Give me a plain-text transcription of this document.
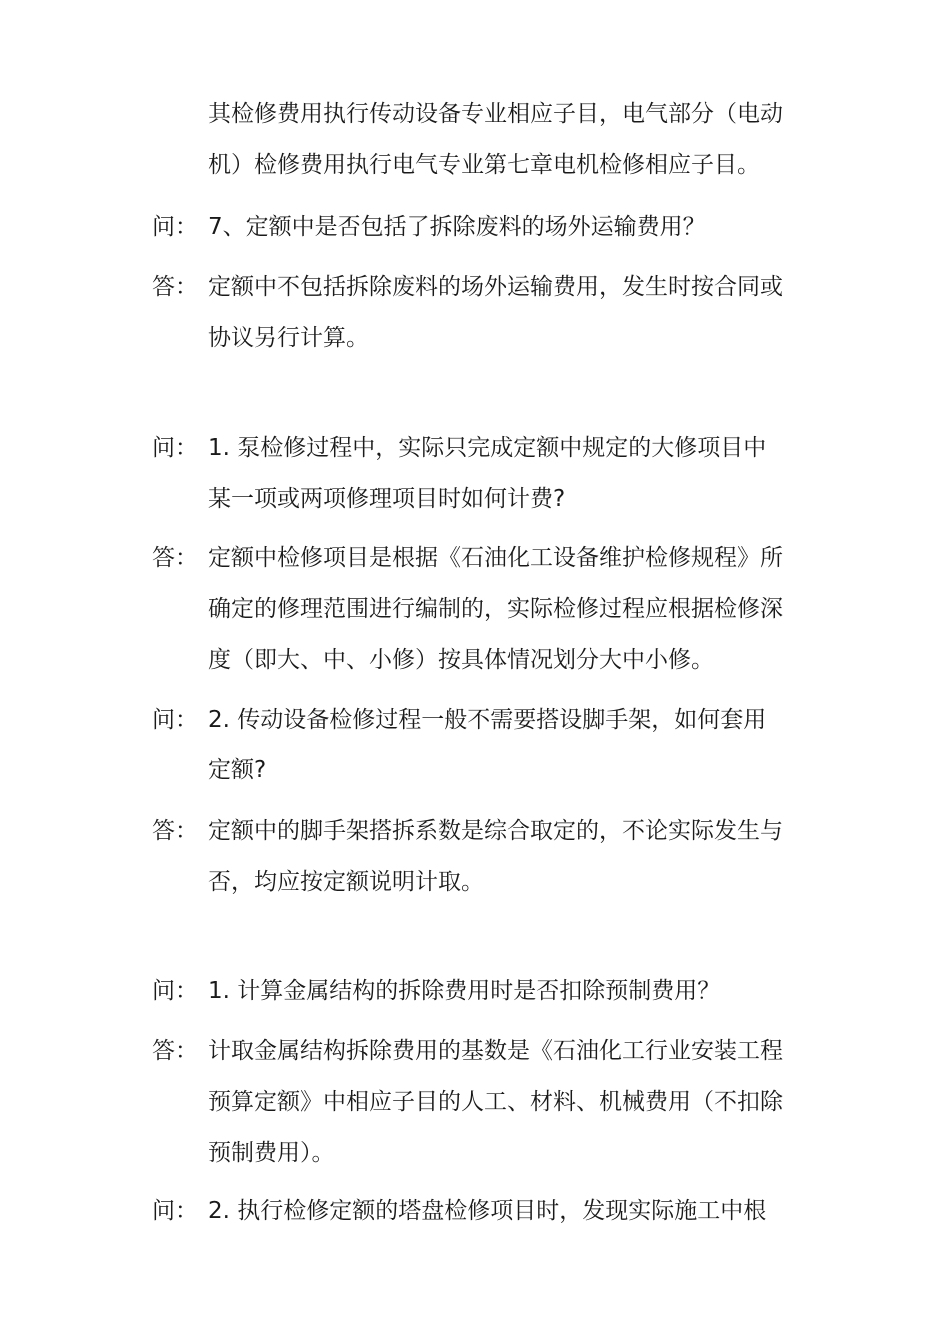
其检修费用执行传动设备专业相应子目，电气部分（电动
机）检修费用执行电气专业第七章电机检修相应子目。
问： 7、定额中是否包括了拆除废料的场外运输费用？
答： 定额中不包括拆除废料的场外运输费用，发生时按合同或
协议另行计算。
问： 1. 泵检修过程中，实际只完成定额中规定的大修项目中
某一项或两项修理项目时如何计费?
答： 定额中检修项目是根据《石油化工设备维护检修规程》所
确定的修理范围进行编制的，实际检修过程应根据检修深
度（即大、中、小修）按具体情况划分大中小修。
问： 2. 传动设备检修过程一般不需要搭设脚手架，如何套用
定额?
答： 定额中的脚手架搭拆系数是综合取定的，不论实际发生与
否，均应按定额说明计取。
问： 1. 计算金属结构的拆除费用时是否扣除预制费用？
答： 计取金属结构拆除费用的基数是《石油化工行业安装工程
预算定额》中相应子目的人工、材料、机械费用（不扣除
预制费用）。
问： 2. 执行检修定额的塔盘检修项目时，发现实际施工中根
